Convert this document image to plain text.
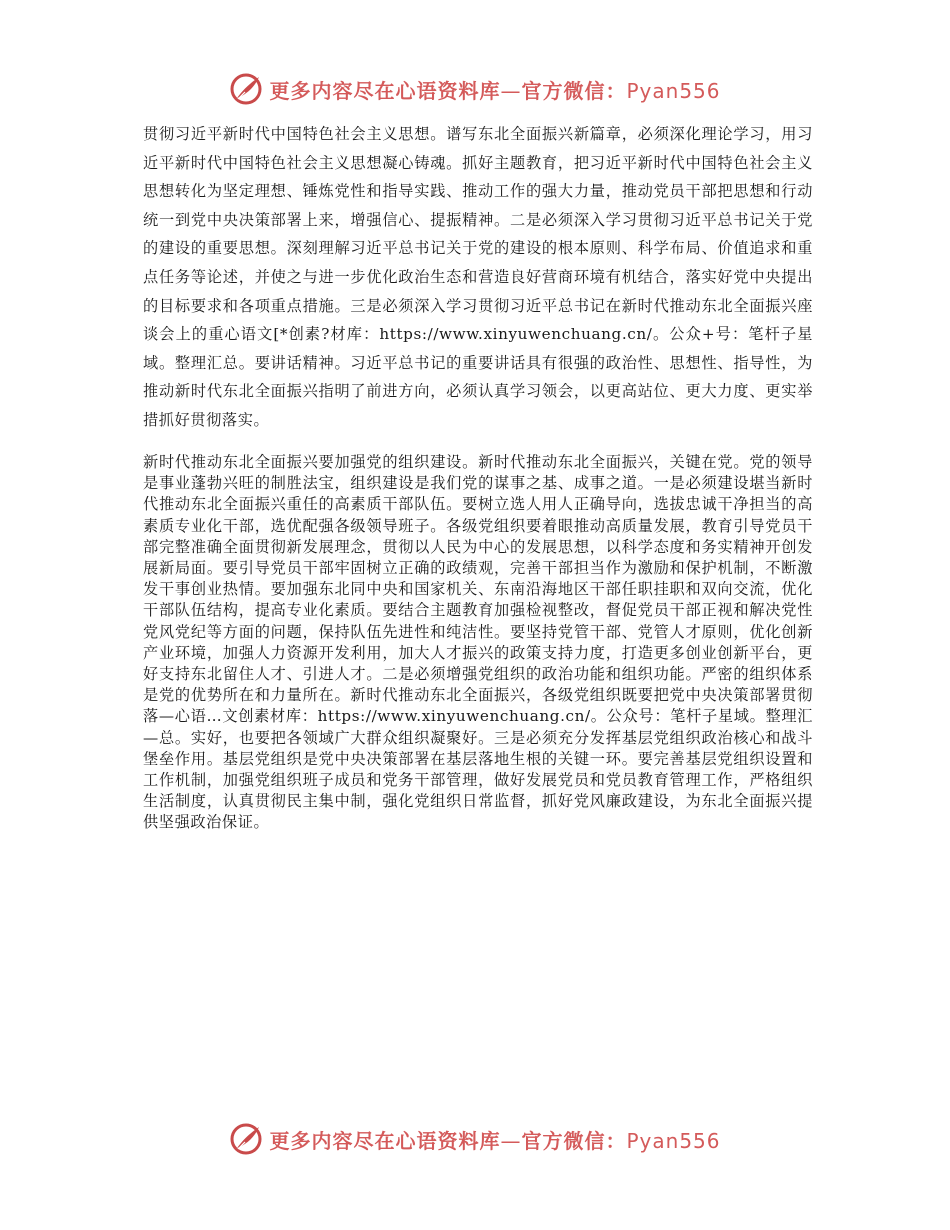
更多内容尽在心语资料库—官方微信：Pyan556

贯彻习近平新时代中国特色社会主义思想。谱写东北全面振兴新篇章，必须深化理论学习，用习近平新时代中国特色社会主义思想凝心铸魂。抓好主题教育，把习近平新时代中国特色社会主义思想转化为坚定理想、锤炼党性和指导实践、推动工作的强大力量，推动党员干部把思想和行动统一到党中央决策部署上来，增强信心、提振精神。二是必须深入学习贯彻习近平总书记关于党的建设的重要思想。深刻理解习近平总书记关于党的建设的根本原则、科学布局、价值追求和重点任务等论述，并使之与进一步优化政治生态和营造良好营商环境有机结合，落实好党中央提出的目标要求和各项重点措施。三是必须深入学习贯彻习近平总书记在新时代推动东北全面振兴座谈会上的重心语文[*创素?材库：https://www.xinyuwenchuang.cn/。公众+号：笔杆子星域。整理汇总。要讲话精神。习近平总书记的重要讲话具有很强的政治性、思想性、指导性，为推动新时代东北全面振兴指明了前进方向，必须认真学习领会，以更高站位、更大力度、更实举措抓好贯彻落实。

新时代推动东北全面振兴要加强党的组织建设。新时代推动东北全面振兴，关键在党。党的领导是事业蓬勃兴旺的制胜法宝，组织建设是我们党的谋事之基、成事之道。一是必须建设堪当新时代推动东北全面振兴重任的高素质干部队伍。要树立选人用人正确导向，选拔忠诚干净担当的高素质专业化干部，选优配强各级领导班子。各级党组织要着眼推动高质量发展，教育引导党员干部完整准确全面贯彻新发展理念，贯彻以人民为中心的发展思想，以科学态度和务实精神开创发展新局面。要引导党员干部牢固树立正确的政绩观，完善干部担当作为激励和保护机制，不断激发干事创业热情。要加强东北同中央和国家机关、东南沿海地区干部任职挂职和双向交流，优化干部队伍结构，提高专业化素质。要结合主题教育加强检视整改，督促党员干部正视和解决党性党风党纪等方面的问题，保持队伍先进性和纯洁性。要坚持党管干部、党管人才原则，优化创新产业环境，加强人力资源开发利用，加大人才振兴的政策支持力度，打造更多创业创新平台，更好支持东北留住人才、引进人才。二是必须增强党组织的政治功能和组织功能。严密的组织体系是党的优势所在和力量所在。新时代推动东北全面振兴，各级党组织既要把党中央决策部署贯彻落—心语…文创素材库：https://www.xinyuwenchuang.cn/。公众号：笔杆子星域。整理汇—总。实好，也要把各领域广大群众组织凝聚好。三是必须充分发挥基层党组织政治核心和战斗堡垒作用。基层党组织是党中央决策部署在基层落地生根的关键一环。要完善基层党组织设置和工作机制，加强党组织班子成员和党务干部管理，做好发展党员和党员教育管理工作，严格组织生活制度，认真贯彻民主集中制，强化党组织日常监督，抓好党风廉政建设，为东北全面振兴提供坚强政治保证。

更多内容尽在心语资料库—官方微信：Pyan556
